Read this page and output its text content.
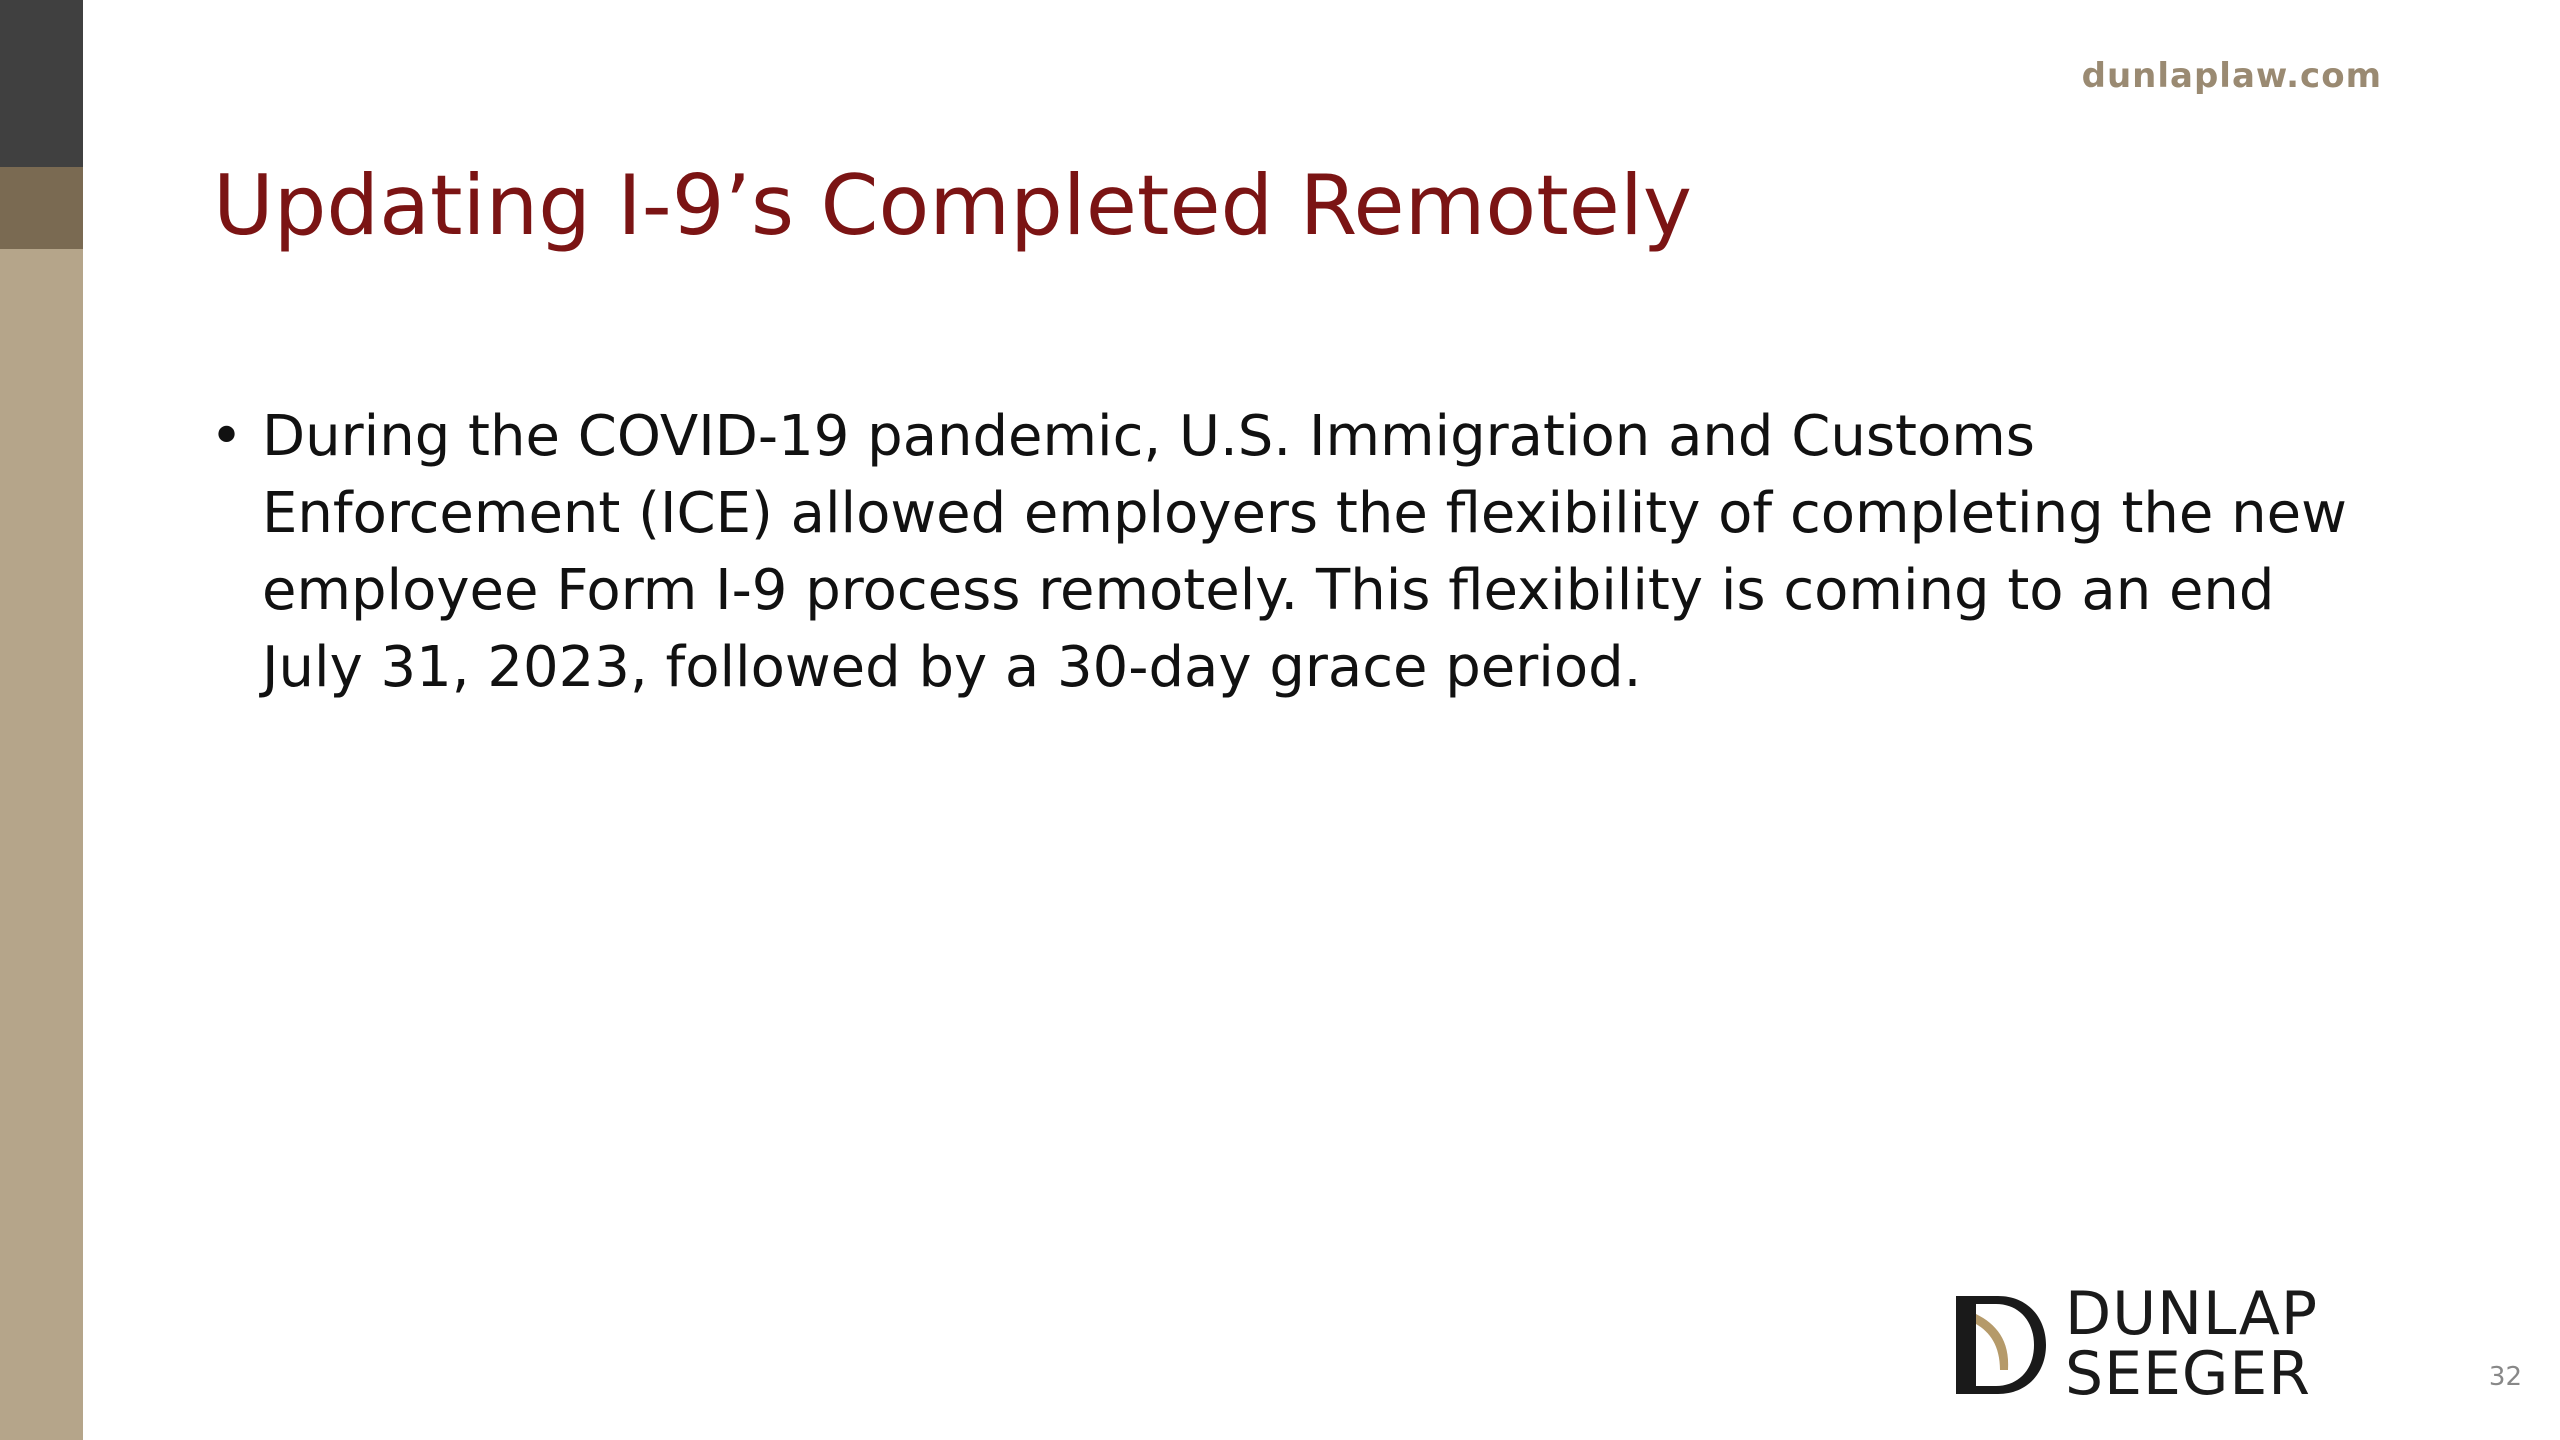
dunlaplaw.com
Updating I-9’s Completed Remotely
• During the COVID-19 pandemic, U.S. Immigration and Customs Enforcement (ICE) allowed employers the flexibility of completing the new employee Form I-9 process remotely. This flexibility is coming to an end July 31, 2023, followed by a 30-day grace period.
DUNLAP
SEEGER	32
